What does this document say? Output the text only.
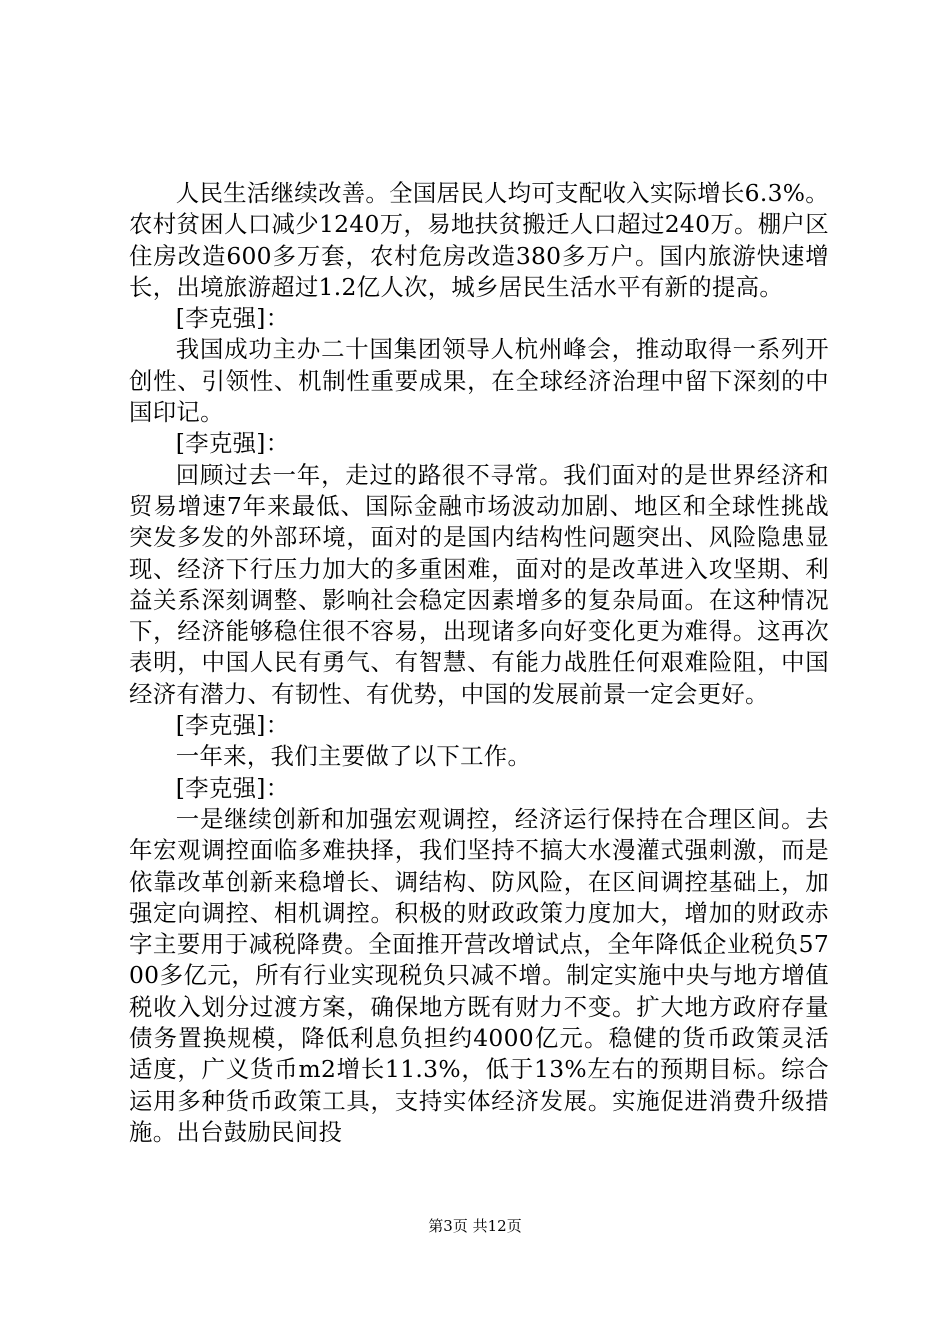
人民生活继续改善。全国居民人均可支配收入实际增长6.3%。农村贫困人口减少1240万，易地扶贫搬迁人口超过240万。棚户区住房改造600多万套，农村危房改造380多万户。国内旅游快速增长，出境旅游超过1.2亿人次，城乡居民生活水平有新的提高。

[李克强]：

我国成功主办二十国集团领导人杭州峰会，推动取得一系列开创性、引领性、机制性重要成果，在全球经济治理中留下深刻的中国印记。

[李克强]：

回顾过去一年，走过的路很不寻常。我们面对的是世界经济和贸易增速7年来最低、国际金融市场波动加剧、地区和全球性挑战突发多发的外部环境，面对的是国内结构性问题突出、风险隐患显现、经济下行压力加大的多重困难，面对的是改革进入攻坚期、利益关系深刻调整、影响社会稳定因素增多的复杂局面。在这种情况下，经济能够稳住很不容易，出现诸多向好变化更为难得。这再次表明，中国人民有勇气、有智慧、有能力战胜任何艰难险阻，中国经济有潜力、有韧性、有优势，中国的发展前景一定会更好。

[李克强]：

一年来，我们主要做了以下工作。

[李克强]：

一是继续创新和加强宏观调控，经济运行保持在合理区间。去年宏观调控面临多难抉择，我们坚持不搞大水漫灌式强刺激，而是依靠改革创新来稳增长、调结构、防风险，在区间调控基础上，加强定向调控、相机调控。积极的财政政策力度加大，增加的财政赤字主要用于减税降费。全面推开营改增试点，全年降低企业税负5700多亿元，所有行业实现税负只减不增。制定实施中央与地方增值税收入划分过渡方案，确保地方既有财力不变。扩大地方政府存量债务置换规模，降低利息负担约4000亿元。稳健的货币政策灵活适度，广义货币m2增长11.3%，低于13%左右的预期目标。综合运用多种货币政策工具，支持实体经济发展。实施促进消费升级措施。出台鼓励民间投

第3页 共12页
